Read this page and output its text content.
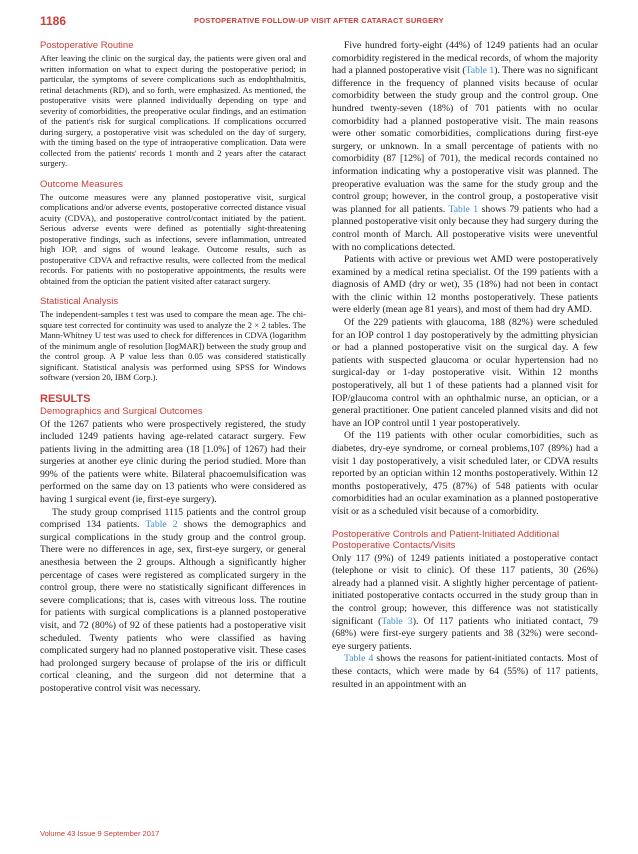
1186	POSTOPERATIVE FOLLOW-UP VISIT AFTER CATARACT SURGERY
Postoperative Routine

After leaving the clinic on the surgical day, the patients were given oral and written information on what to expect during the postoperative period; in particular, the symptoms of severe complications such as endophthalmitis, retinal detachments (RD), and so forth, were emphasized. As mentioned, the postoperative visits were planned individually depending on type and severity of comorbidities, the preoperative ocular findings, and an estimation of the patient's risk for surgical complications. If complications occurred during surgery, a postoperative visit was scheduled on the day of surgery, with the timing based on the type of intraoperative complication. Data were collected from the patients' records 1 month and 2 years after the cataract surgery.

Outcome Measures

The outcome measures were any planned postoperative visit, surgical complications and/or adverse events, postoperative corrected distance visual acuity (CDVA), and postoperative control/contact initiated by the patient. Serious adverse events were defined as potentially sight-threatening postoperative findings, such as infections, severe inflammation, untreated high IOP, and signs of wound leakage. Outcome results, such as postoperative CDVA and refractive results, were collected from the medical records. For patients with no postoperative appointments, the results were obtained from the optician the patient visited after cataract surgery.

Statistical Analysis

The independent-samples t test was used to compare the mean age. The chi-square test corrected for continuity was used to analyze the 2 × 2 tables. The Mann-Whitney U test was used to check for differences in CDVA (logarithm of the minimum angle of resolution [logMAR]) between the study group and the control group. A P value less than 0.05 was considered statistically significant. Statistical analysis was performed using SPSS for Windows software (version 20, IBM Corp.).

RESULTS
Demographics and Surgical Outcomes

Of the 1267 patients who were prospectively registered, the study included 1249 patients having age-related cataract surgery. Few patients living in the admitting area (18 [1.0%] of 1267) had their surgeries at another eye clinic during the period studied. More than 99% of the patients were white. Bilateral phacoemulsification was performed on the same day on 13 patients who were considered as having 1 surgical event (ie, first-eye surgery).

The study group comprised 1115 patients and the control group comprised 134 patients. Table 2 shows the demographics and surgical complications in the study group and the control group. There were no differences in age, sex, first-eye surgery, or general anesthesia between the 2 groups. Although a significantly higher percentage of cases were registered as complicated surgery in the control group, there were no statistically significant differences in severe complications; that is, cases with vitreous loss. The routine for patients with surgical complications is a planned postoperative visit, and 72 (80%) of 92 of these patients had a postoperative visit scheduled. Twenty patients who were classified as having complicated surgery had no planned postoperative visit. These cases had prolonged surgery because of prolapse of the iris or difficult cortical cleaning, and the surgeon did not determine that a postoperative control visit was necessary.

Five hundred forty-eight (44%) of 1249 patients had an ocular comorbidity registered in the medical records, of whom the majority had a planned postoperative visit (Table 1). There was no significant difference in the frequency of planned visits because of ocular comorbidity between the study group and the control group. One hundred twenty-seven (18%) of 701 patients with no ocular comorbidity had a planned postoperative visit. The main reasons were other somatic comorbidities, complications during first-eye surgery, or unknown. In a small percentage of patients with no comorbidity (87 [12%] of 701), the medical records contained no information indicating why a postoperative visit was planned. The preoperative evaluation was the same for the study group and the control group; however, in the control group, a postoperative visit was planned for all patients. Table 1 shows 79 patients who had a planned postoperative visit only because they had surgery during the control month of March. All postoperative visits were uneventful with no complications detected.

Patients with active or previous wet AMD were postoperatively examined by a medical retina specialist. Of the 199 patients with a diagnosis of AMD (dry or wet), 35 (18%) had not been in contact with the clinic within 12 months postoperatively. These patients were elderly (mean age 81 years), and most of them had dry AMD.

Of the 229 patients with glaucoma, 188 (82%) were scheduled for an IOP control 1 day postoperatively by the admitting physician or had a planned postoperative visit on the surgical day. A few patients with suspected glaucoma or ocular hypertension had no surgical-day or 1-day postoperative visit. Within 12 months postoperatively, all but 1 of these patients had a planned visit for IOP/glaucoma control with an ophthalmic nurse, an optician, or a general practitioner. One patient canceled planned visits and did not have an IOP control until 1 year postoperatively.

Of the 119 patients with other ocular comorbidities, such as diabetes, dry-eye syndrome, or corneal problems,107 (89%) had a visit 1 day postoperatively, a visit scheduled later, or CDVA results reported by an optician within 12 months postoperatively. Within 12 months postoperatively, 475 (87%) of 548 patients with ocular comorbidities had an ocular examination as a planned postoperative visit or as a scheduled visit because of a comorbidity.

Postoperative Controls and Patient-Initiated Additional Postoperative Contacts/Visits

Only 117 (9%) of 1249 patients initiated a postoperative contact (telephone or visit to clinic). Of these 117 patients, 30 (26%) already had a planned visit. A slightly higher percentage of patient-initiated postoperative contacts occurred in the study group than in the control group; however, this difference was not statistically significant (Table 3). Of 117 patients who initiated contact, 79 (68%) were first-eye surgery patients and 38 (32%) were second-eye surgery patients.

Table 4 shows the reasons for patient-initiated contacts. Most of these contacts, which were made by 64 (55%) of 117 patients, resulted in an appointment with an

Volume 43 Issue 9 September 2017
